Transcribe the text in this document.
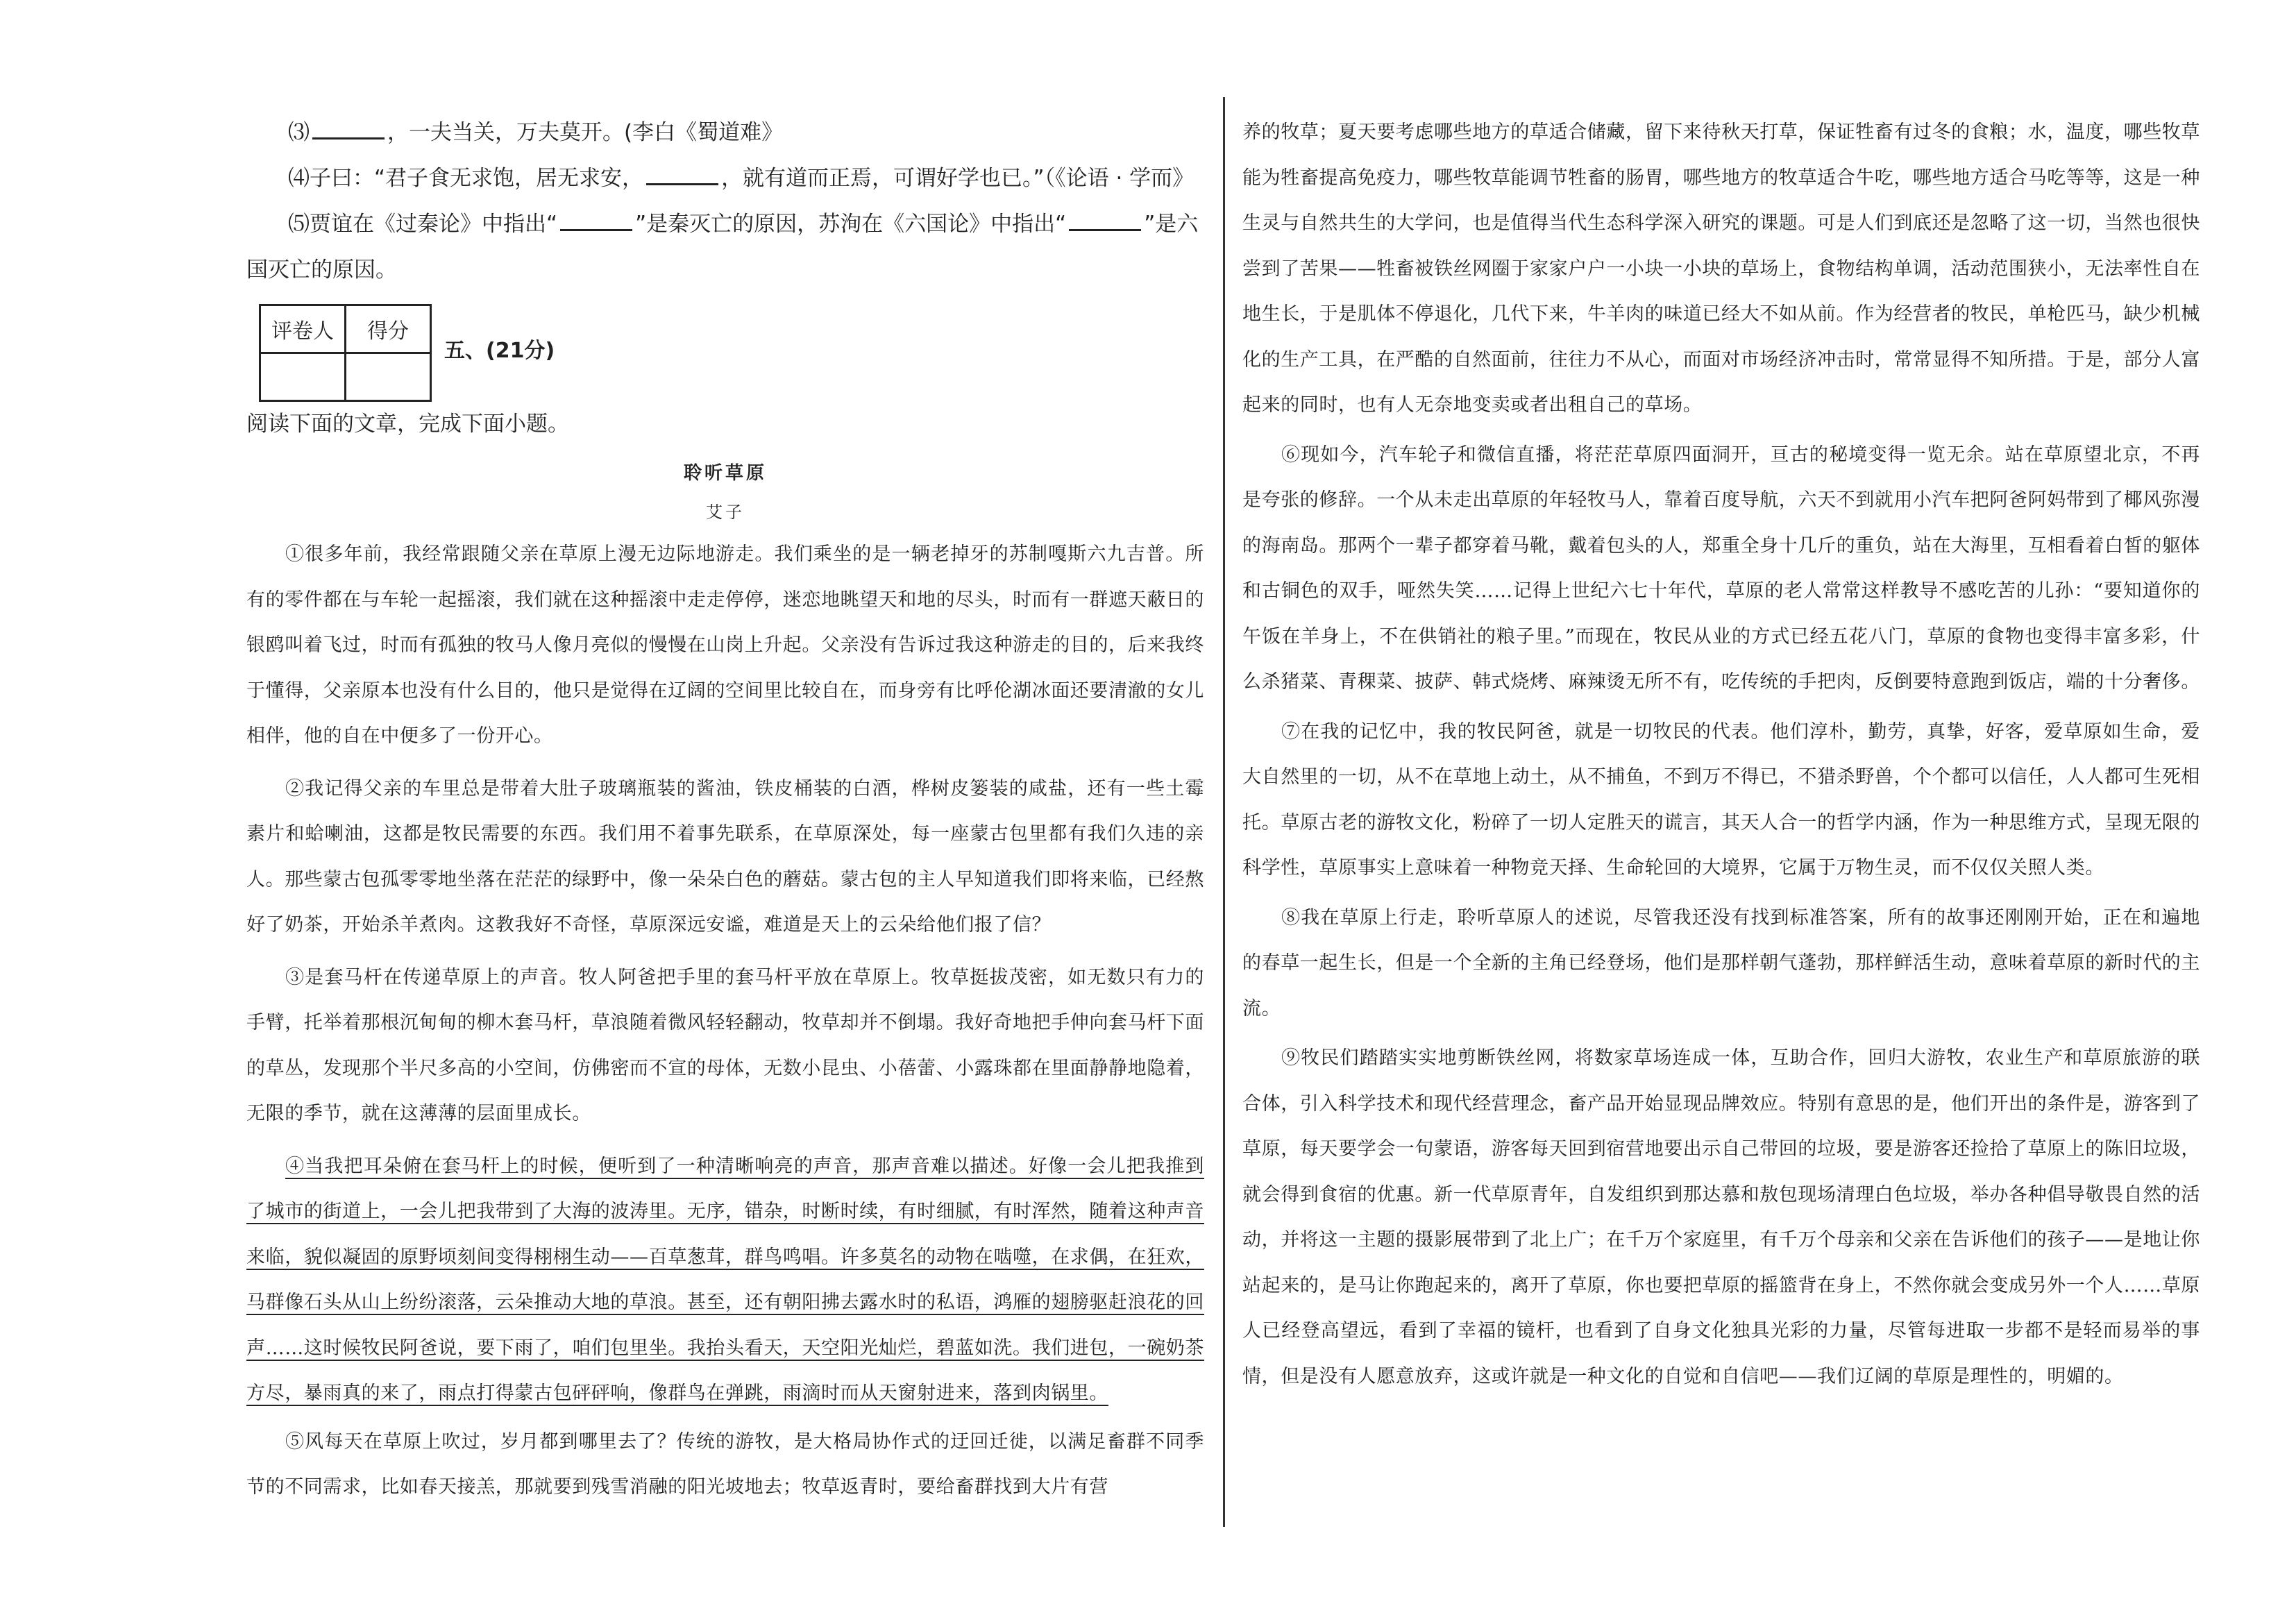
⑶	，一夫当关，万夫莫开。(李白《蜀道难》
⑷子曰：“君子食无求饱，居无求安，	，就有道而正焉，可谓好学也已。”（《论语 · 学而》
⑸贾谊在《过秦论》中指出“	”是秦灭亡的原因，苏洵在《六国论》中指出“	”是六
国灭亡的原因。
评卷人	得分

五、(21分)
阅读下面的文章，完成下面小题。
聆听草原
艾子

①很多年前，我经常跟随父亲在草原上漫无边际地游走。我们乘坐的是一辆老掉牙的苏制嘎斯六九吉普。所有的零件都在与车轮一起摇滚，我们就在这种摇滚中走走停停，迷恋地眺望天和地的尽头，时而有一群遮天蔽日的银鸥叫着飞过，时而有孤独的牧马人像月亮似的慢慢在山岗上升起。父亲没有告诉过我这种游走的目的，后来我终于懂得，父亲原本也没有什么目的，他只是觉得在辽阔的空间里比较自在，而身旁有比呼伦湖冰面还要清澈的女儿相伴，他的自在中便多了一份开心。

②我记得父亲的车里总是带着大肚子玻璃瓶装的酱油，铁皮桶装的白酒，桦树皮篓装的咸盐，还有一些土霉素片和蛤喇油，这都是牧民需要的东西。我们用不着事先联系，在草原深处，每一座蒙古包里都有我们久违的亲人。那些蒙古包孤零零地坐落在茫茫的绿野中，像一朵朵白色的蘑菇。蒙古包的主人早知道我们即将来临，已经熬好了奶茶，开始杀羊煮肉。这教我好不奇怪，草原深远安谧，难道是天上的云朵给他们报了信？

③是套马杆在传递草原上的声音。牧人阿爸把手里的套马杆平放在草原上。牧草挺拔茂密，如无数只有力的手臂，托举着那根沉甸甸的柳木套马杆，草浪随着微风轻轻翻动，牧草却并不倒塌。我好奇地把手伸向套马杆下面的草丛，发现那个半尺多高的小空间，仿佛密而不宣的母体，无数小昆虫、小蓓蕾、小露珠都在里面静静地隐着，无限的季节，就在这薄薄的层面里成长。

④当我把耳朵俯在套马杆上的时候，便听到了一种清晰响亮的声音，那声音难以描述。好像一会儿把我推到了城市的街道上，一会儿把我带到了大海的波涛里。无序，错杂，时断时续，有时细腻，有时浑然，随着这种声音来临，貌似凝固的原野顷刻间变得栩栩生动——百草葱茸，群鸟鸣唱。许多莫名的动物在啮噬，在求偶，在狂欢，马群像石头从山上纷纷滚落，云朵推动大地的草浪。甚至，还有朝阳拂去露水时的私语，鸿雁的翅膀驱赶浪花的回声……这时候牧民阿爸说，要下雨了，咱们包里坐。我抬头看天，天空阳光灿烂，碧蓝如洗。我们进包，一碗奶茶方尽，暴雨真的来了，雨点打得蒙古包砰砰响，像群鸟在弹跳，雨滴时而从天窗射进来，落到肉锅里。

⑤风每天在草原上吹过，岁月都到哪里去了？传统的游牧，是大格局协作式的迂回迁徙，以满足畜群不同季节的不同需求，比如春天接羔，那就要到残雪消融的阳光坡地去；牧草返青时，要给畜群找到大片有营

养的牧草；夏天要考虑哪些地方的草适合储藏，留下来待秋天打草，保证牲畜有过冬的食粮；水，温度，哪些牧草能为牲畜提高免疫力，哪些牧草能调节牲畜的肠胃，哪些地方的牧草适合牛吃，哪些地方适合马吃等等，这是一种生灵与自然共生的大学问，也是值得当代生态科学深入研究的课题。可是人们到底还是忽略了这一切，当然也很快尝到了苦果——牲畜被铁丝网圈于家家户户一小块一小块的草场上，食物结构单调，活动范围狭小，无法率性自在地生长，于是肌体不停退化，几代下来，牛羊肉的味道已经大不如从前。作为经营者的牧民，单枪匹马，缺少机械化的生产工具，在严酷的自然面前，往往力不从心，而面对市场经济冲击时，常常显得不知所措。于是，部分人富起来的同时，也有人无奈地变卖或者出租自己的草场。

⑥现如今，汽车轮子和微信直播，将茫茫草原四面洞开，亘古的秘境变得一览无余。站在草原望北京，不再是夸张的修辞。一个从未走出草原的年轻牧马人，靠着百度导航，六天不到就用小汽车把阿爸阿妈带到了椰风弥漫的海南岛。那两个一辈子都穿着马靴，戴着包头的人，郑重全身十几斤的重负，站在大海里，互相看着白皙的躯体和古铜色的双手，哑然失笑……记得上世纪六七十年代，草原的老人常常这样教导不感吃苦的儿孙：“要知道你的午饭在羊身上，不在供销社的粮子里。”而现在，牧民从业的方式已经五花八门，草原的食物也变得丰富多彩，什么杀猪菜、青稞菜、披萨、韩式烧烤、麻辣烫无所不有，吃传统的手把肉，反倒要特意跑到饭店，端的十分奢侈。

⑦在我的记忆中，我的牧民阿爸，就是一切牧民的代表。他们淳朴，勤劳，真挚，好客，爱草原如生命，爱大自然里的一切，从不在草地上动土，从不捕鱼，不到万不得已，不猎杀野兽，个个都可以信任，人人都可生死相托。草原古老的游牧文化，粉碎了一切人定胜天的谎言，其天人合一的哲学内涵，作为一种思维方式，呈现无限的科学性，草原事实上意味着一种物竞天择、生命轮回的大境界，它属于万物生灵，而不仅仅关照人类。

⑧我在草原上行走，聆听草原人的述说，尽管我还没有找到标准答案，所有的故事还刚刚开始，正在和遍地的春草一起生长，但是一个全新的主角已经登场，他们是那样朝气蓬勃，那样鲜活生动，意味着草原的新时代的主流。

⑨牧民们踏踏实实地剪断铁丝网，将数家草场连成一体，互助合作，回归大游牧，农业生产和草原旅游的联合体，引入科学技术和现代经营理念，畜产品开始显现品牌效应。特别有意思的是，他们开出的条件是，游客到了草原，每天要学会一句蒙语，游客每天回到宿营地要出示自己带回的垃圾，要是游客还捡拾了草原上的陈旧垃圾，就会得到食宿的优惠。新一代草原青年，自发组织到那达慕和敖包现场清理白色垃圾，举办各种倡导敬畏自然的活动，并将这一主题的摄影展带到了北上广；在千万个家庭里，有千万个母亲和父亲在告诉他们的孩子——是地让你站起来的，是马让你跑起来的，离开了草原，你也要把草原的摇篮背在身上，不然你就会变成另外一个人……草原人已经登高望远，看到了幸福的镜杆，也看到了自身文化独具光彩的力量，尽管每进取一步都不是轻而易举的事情，但是没有人愿意放弃，这或许就是一种文化的自觉和自信吧——我们辽阔的草原是理性的，明媚的。
